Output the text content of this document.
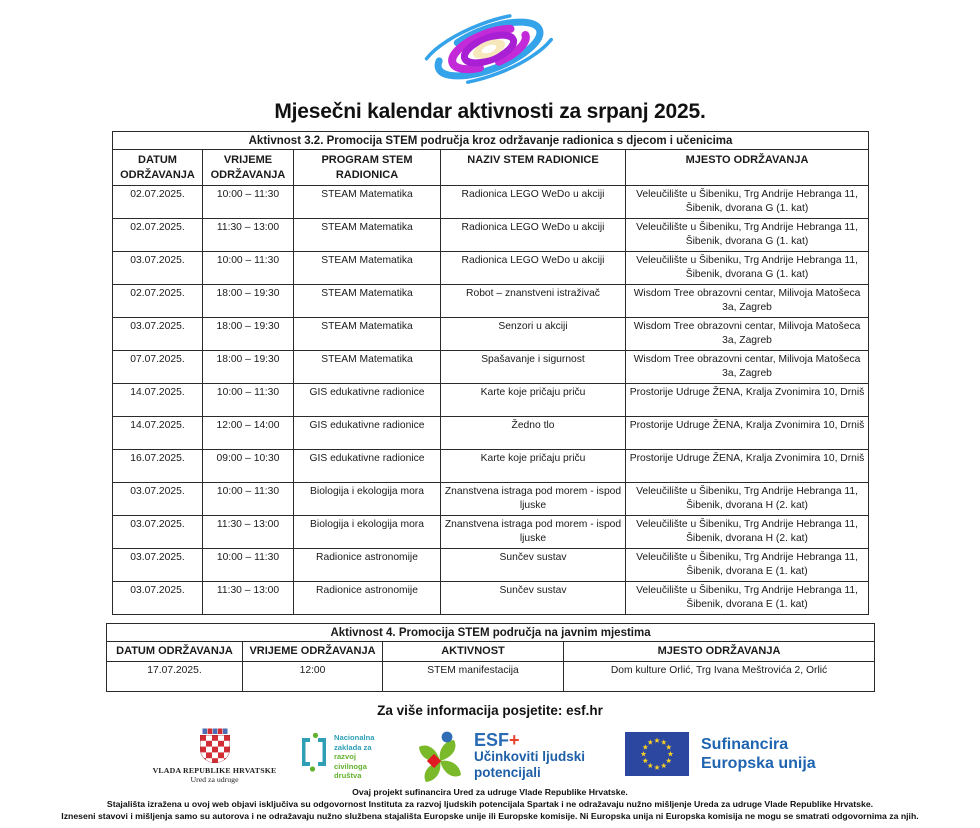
Mjesečni kalendar aktivnosti za srpanj 2025.
Aktivnost 3.2. Promocija STEM područja kroz održavanje radionica s djecom i učenicima				
DATUM ODRŽAVANJA	VRIJEME ODRŽAVANJA	PROGRAM STEM RADIONICA	NAZIV STEM RADIONICE	MJESTO ODRŽAVANJA
02.07.2025.	10:00 – 11:30	STEAM Matematika	Radionica LEGO WeDo u akciji	Veleučilište u Šibeniku, Trg Andrije Hebranga 11, Šibenik, dvorana G (1. kat)
02.07.2025.	11:30 – 13:00	STEAM Matematika	Radionica LEGO WeDo u akciji	Veleučilište u Šibeniku, Trg Andrije Hebranga 11, Šibenik, dvorana G (1. kat)
03.07.2025.	10:00 – 11:30	STEAM Matematika	Radionica LEGO WeDo u akciji	Veleučilište u Šibeniku, Trg Andrije Hebranga 11, Šibenik, dvorana G (1. kat)
02.07.2025.	18:00 – 19:30	STEAM Matematika	Robot – znanstveni istraživač	Wisdom Tree obrazovni centar, Milivoja Matošeca 3a, Zagreb
03.07.2025.	18:00 – 19:30	STEAM Matematika	Senzori u akciji	Wisdom Tree obrazovni centar, Milivoja Matošeca 3a, Zagreb
07.07.2025.	18:00 – 19:30	STEAM Matematika	Spašavanje i sigurnost	Wisdom Tree obrazovni centar, Milivoja Matošeca 3a, Zagreb
14.07.2025.	10:00 – 11:30	GIS edukativne radionice	Karte koje pričaju priču	Prostorije Udruge ŽENA, Kralja Zvonimira 10, Drniš
14.07.2025.	12:00 – 14:00	GIS edukativne radionice	Žedno tlo	Prostorije Udruge ŽENA, Kralja Zvonimira 10, Drniš
16.07.2025.	09:00 – 10:30	GIS edukativne radionice	Karte koje pričaju priču	Prostorije Udruge ŽENA, Kralja Zvonimira 10, Drniš
03.07.2025.	10:00 – 11:30	Biologija i ekologija mora	Znanstvena istraga pod morem - ispod ljuske	Veleučilište u Šibeniku, Trg Andrije Hebranga 11, Šibenik, dvorana H (2. kat)
03.07.2025.	11:30 – 13:00	Biologija i ekologija mora	Znanstvena istraga pod morem - ispod ljuske	Veleučilište u Šibeniku, Trg Andrije Hebranga 11, Šibenik, dvorana H (2. kat)
03.07.2025.	10:00 – 11:30	Radionice astronomije	Sunčev sustav	Veleučilište u Šibeniku, Trg Andrije Hebranga 11, Šibenik, dvorana E (1. kat)
03.07.2025.	11:30 – 13:00	Radionice astronomije	Sunčev sustav	Veleučilište u Šibeniku, Trg Andrije Hebranga 11, Šibenik, dvorana E (1. kat)
Aktivnost 4. Promocija STEM područja na javnim mjestima			
DATUM ODRŽAVANJA	VRIJEME ODRŽAVANJA	AKTIVNOST	MJESTO ODRŽAVANJA
17.07.2025.	12:00	STEM manifestacija	Dom kulture Orlić, Trg Ivana Meštrovića 2, Orlić
Za više informacija posjetite: esf.hr
VLADA REPUBLIKE HRVATSKE
Ured za udruge
Nacionalna
zaklada za
razvoj
civilnoga
društva
ESF+
Učinkoviti ljudski
potencijali
Sufinancira
Europska unija
Ovaj projekt sufinancira Ured za udruge Vlade Republike Hrvatske.
Stajališta izražena u ovoj web objavi isključiva su odgovornost Instituta za razvoj ljudskih potencijala Spartak i ne odražavaju nužno mišljenje Ureda za udruge Vlade Republike Hrvatske.
Izneseni stavovi i mišljenja samo su autorova i ne odražavaju nužno službena stajališta Europske unije ili Europske komisije. Ni Europska unija ni Europska komisija ne mogu se smatrati odgovornima za njih.
